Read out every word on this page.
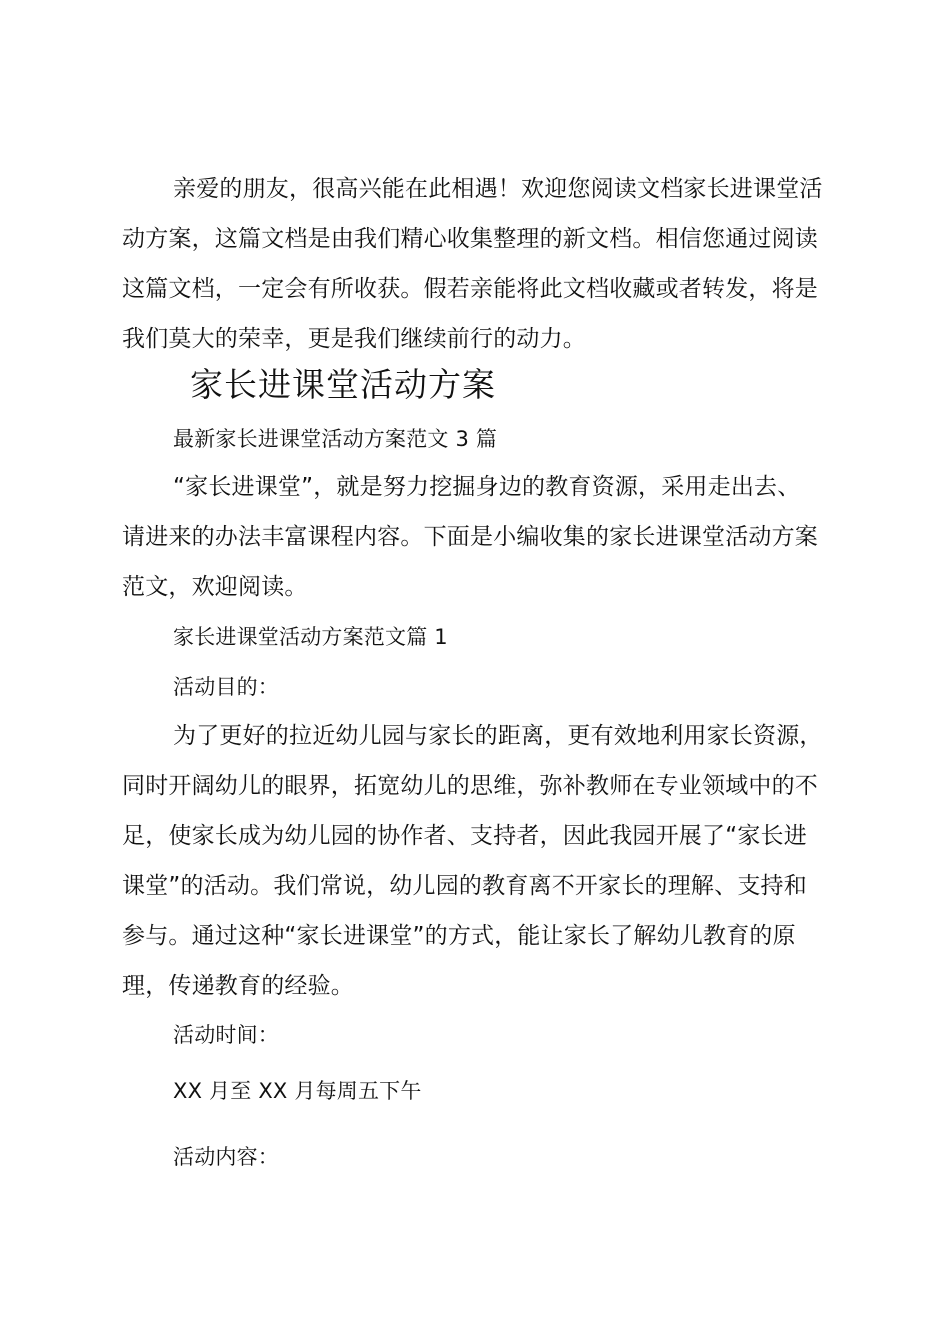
亲爱的朋友，很高兴能在此相遇！欢迎您阅读文档家长进课堂活
动方案，这篇文档是由我们精心收集整理的新文档。相信您通过阅读
这篇文档，一定会有所收获。假若亲能将此文档收藏或者转发，将是
我们莫大的荣幸，更是我们继续前行的动力。
家长进课堂活动方案
最新家长进课堂活动方案范文 3 篇
“家长进课堂”，就是努力挖掘身边的教育资源，采用走出去、
请进来的办法丰富课程内容。下面是小编收集的家长进课堂活动方案
范文，欢迎阅读。
家长进课堂活动方案范文篇 1
活动目的：
为了更好的拉近幼儿园与家长的距离，更有效地利用家长资源，
同时开阔幼儿的眼界，拓宽幼儿的思维，弥补教师在专业领域中的不
足，使家长成为幼儿园的协作者、支持者，因此我园开展了“家长进
课堂”的活动。我们常说，幼儿园的教育离不开家长的理解、支持和
参与。通过这种“家长进课堂”的方式，能让家长了解幼儿教育的原
理，传递教育的经验。
活动时间：
XX 月至 XX 月每周五下午
活动内容：
